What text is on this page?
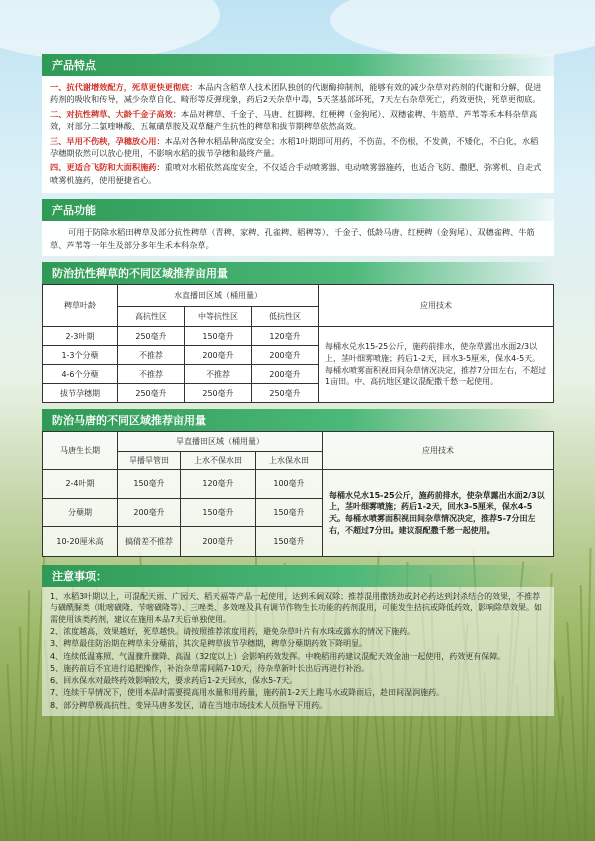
产品特点

一、抗代谢增效配方，死草更快更彻底：本品内含稻草人技术团队独创的代谢酶抑制剂，能够有效的减少杂草对药剂的代谢和分解，促进药剂的吸收和传导，减少杂草自化、畸形等反弹现象，药后2天杂草中毒，5天茎基部坏死，7天左右杂草死亡，药效更快，死草更彻底。

二、对抗性稗草、大龄千金子高效：本品对稗草、千金子、马唐、红脚稗、红梗稗（金狗尾）、双穗雀稗、牛筋草、芦苇等禾本科杂草高效，对部分二氯喹啉酸、五氟磺草胺及双草醚产生抗性的稗草和拔节期稗草依然高效。

三、早用不伤秧，孕穗放心用：本品对各种水稻品种高度安全；水稻1叶期即可用药，不伤苗，不伤根，不发黄，不矮化，不白化，水稻孕穗期依然可以放心使用，不影响水稻的拔节孕穗和最终产量。

四、更适合飞防和大面积施药：重喷对水稻依然高度安全，不仅适合手动喷雾器、电动喷雾器施药，也适合飞防、撒肥、弥雾机、自走式喷雾机施药，使用便捷省心。

产品功能

可用于防除水稻田稗草及部分抗性稗草（青稗、家稗、孔雀稗、稻稗等）、千金子、低龄马唐、红梗稗（金狗尾）、双穗雀稗、牛筋草、芦苇等一年生及部分多年生禾本科杂草。

防治抗性稗草的不同区域推荐亩用量
稗草叶龄	水直播田区域（桶用量）			应用技术
	高抗性区	中等抗性区	低抗性区	
2-3叶期	250毫升	150毫升	120毫升	每桶水兑水15-25公斤，施药前排水，使杂草露出水面2/3以上，茎叶细雾喷施；药后1-2天，回水3-5厘米，保水4-5天。每桶水喷雾面积视田间杂草情况决定，推荐7分田左右，不超过1亩田。中、高抗地区建议混配撒千愁一起使用。
1-3个分蘖	不推荐	200毫升	200毫升	
4-6个分蘖	不推荐	不推荐	200毫升	
拔节孕穗期	250毫升	250毫升	250毫升	
防治马唐的不同区域推荐亩用量
马唐生长期	旱直播田区域（桶用量）			应用技术
	旱播旱管田	上水不保水田	上水保水田	
2-4叶期	150毫升	120毫升	100毫升	每桶水兑水15-25公斤，施药前排水，使杂草露出水面2/3以上，茎叶细雾喷施；药后1-2天，回水3-5厘米，保水4-5天。每桶水喷雾面积视田间杂草情况决定，推荐5-7分田左右，不超过7分田。建议混配撒千愁一起使用。
分蘖期	200毫升	150毫升	150毫升	
10-20厘米高	搞倩差不推荐	200毫升	150毫升	
注意事项：

1、水稻3叶期以上，可混配天雨、广园天、稻天福等产品一起使用，达到禾阔双除；推荐混用撒锈劲或封必药达到封杀结合的效果，不推荐与磺酰脲类（吡嘧磺隆、苄嘧磺隆等）、三唑类、多效唑及具有调节作物生长功能的药剂混用，可能发生拮抗或降低药效，影响除草效果。如需使用该类药剂，建议在施用本品7天后单独使用。

2、浓度越高，效果越好，死草越快。请按照推荐浓度用药，避免杂草叶片有水珠或露水的情况下施药。

3、稗草最佳防治期在稗草未分蘖前，其次是稗草拔节孕穗期，稗草分蘖期药效下降明显。

4、连续低温寡照、气温骤升骤降、高温（32度以上）会影响药效发挥。中晚稻用药建议混配天效金油一起使用，药效更有保障。

5、施药前后不宜进行追肥操作，补治杂草需间隔7-10天，待杂草新叶长出后再进行补治。

6、回水保水对最终药效影响较大，要求药后1-2天回水，保水5-7天。

7、连续干旱情况下，使用本品时需要提高用水量和用药量，施药前1-2天上跑马水或降雨后，趁田间湿润施药。

8、部分稗草极高抗性、变异马唐多发区，请在当地市场技术人员指导下用药。
